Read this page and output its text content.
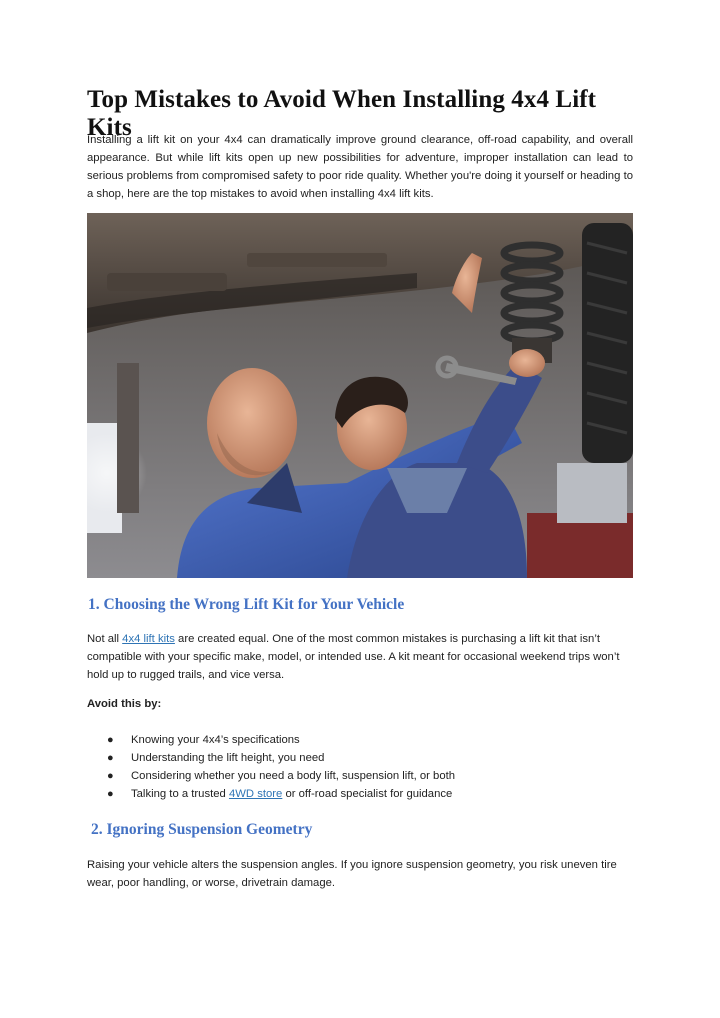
Top Mistakes to Avoid When Installing 4x4 Lift Kits

Installing a lift kit on your 4x4 can dramatically improve ground clearance, off-road capability, and overall appearance. But while lift kits open up new possibilities for adventure, improper installation can lead to serious problems from compromised safety to poor ride quality. Whether you're doing it yourself or heading to a shop, here are the top mistakes to avoid when installing 4x4 lift kits.

1. Choosing the Wrong Lift Kit for Your Vehicle

Not all 4x4 lift kits are created equal. One of the most common mistakes is purchasing a lift kit that isn’t compatible with your specific make, model, or intended use. A kit meant for occasional weekend trips won’t hold up to rugged trails, and vice versa.

Avoid this by:

● Knowing your 4x4’s specifications
● Understanding the lift height, you need
● Considering whether you need a body lift, suspension lift, or both
● Talking to a trusted 4WD store or off-road specialist for guidance
2. Ignoring Suspension Geometry

Raising your vehicle alters the suspension angles. If you ignore suspension geometry, you risk uneven tire wear, poor handling, or worse, drivetrain damage.
